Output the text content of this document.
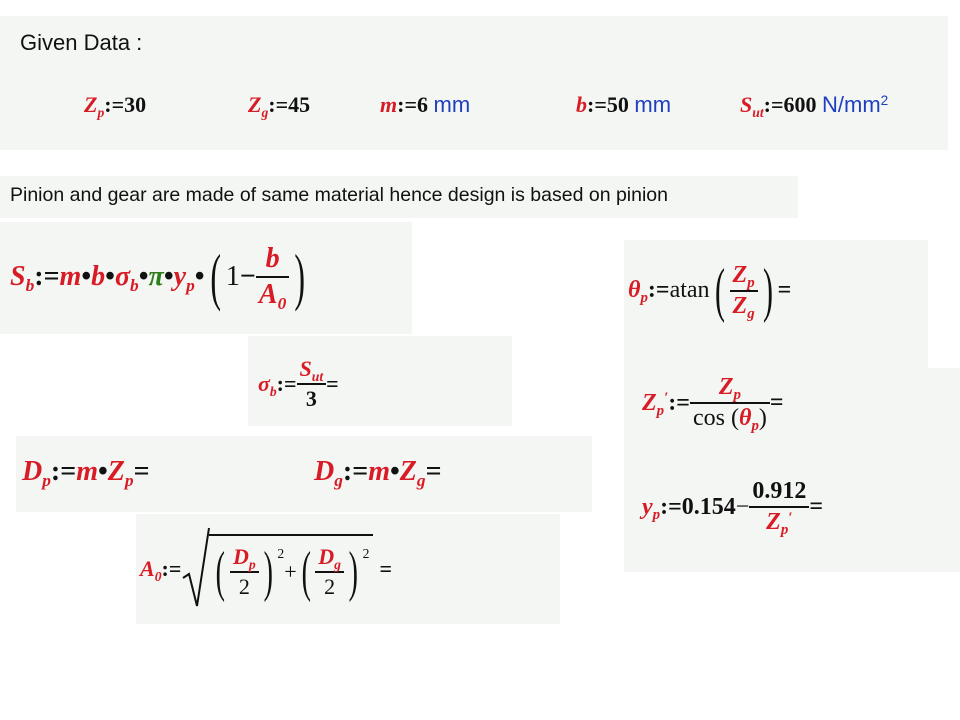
Given Data :
$Z_p:=30$	$Z_g:=45$	m:=6 mm	b:=50 mm	$S_{ut}:=600$ $N/mm^2$
Pinion and gear are made of same material hence design is based on pinion
$S_b:=m•b•\sigma_b•\pi•y_p•$( $1- \frac{b}{A_0}$ )
$\sigma_b:= \frac{S_{ut}}{3}$ =
$D_p:=m•Z_p=$	$D_g:=m•Z_g=$
$A_0:=$ ( $\frac{D_p}{2}$ ) $^2+( \frac{D_g}{2}$ ) $^2$=
$\theta_p:=atan( \frac{Z_p}{Z_g}$ ) =
$Z_p':= \frac{Z_p}{\cos (\theta_p)}$ =
$y_p:=0.154- \frac{0.912}{Z_p'}$ =
